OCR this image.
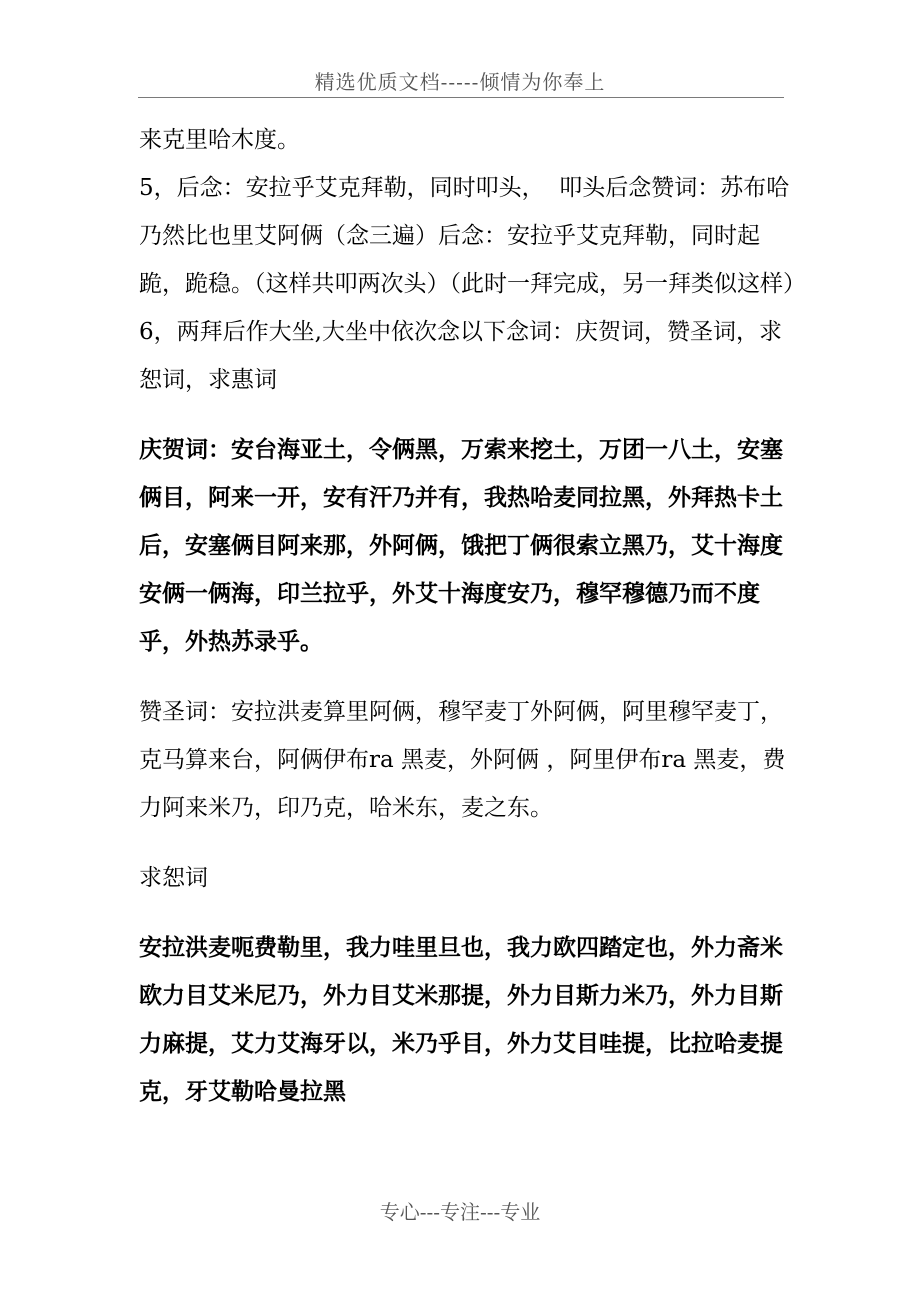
精选优质文档-----倾情为你奉上

来克里哈木度。

5，后念：安拉乎艾克拜勒，同时叩头，  叩头后念赞词：苏布哈乃然比也里艾阿俩（念三遍）后念：安拉乎艾克拜勒，同时起跪，跪稳。（这样共叩两次头）（此时一拜完成，另一拜类似这样）

6，两拜后作大坐,大坐中依次念以下念词：庆贺词，赞圣词，求恕词，求惠词

庆贺词：安台海亚土，令俩黑，万索来挖土，万团一八土，安塞俩目，阿来一开，安有汗乃并有，我热哈麦同拉黑，外拜热卡土后，安塞俩目阿来那，外阿俩，饿把丁俩很索立黑乃，艾十海度安俩一俩海，印兰拉乎，外艾十海度安乃，穆罕穆德乃而不度乎，外热苏录乎。

赞圣词：安拉洪麦算里阿俩，穆罕麦丁外阿俩，阿里穆罕麦丁，克马算来台，阿俩伊布ra 黑麦，外阿俩 ，阿里伊布ra 黑麦，费力阿来米乃，印乃克，哈米东，麦之东。

求恕词

安拉洪麦呃费勒里，我力哇里旦也，我力欧四踏定也，外力斋米欧力目艾米尼乃，外力目艾米那提，外力目斯力米乃，外力目斯力麻提，艾力艾海牙以，米乃乎目，外力艾目哇提，比拉哈麦提克，牙艾勒哈曼拉黑

专心---专注---专业
